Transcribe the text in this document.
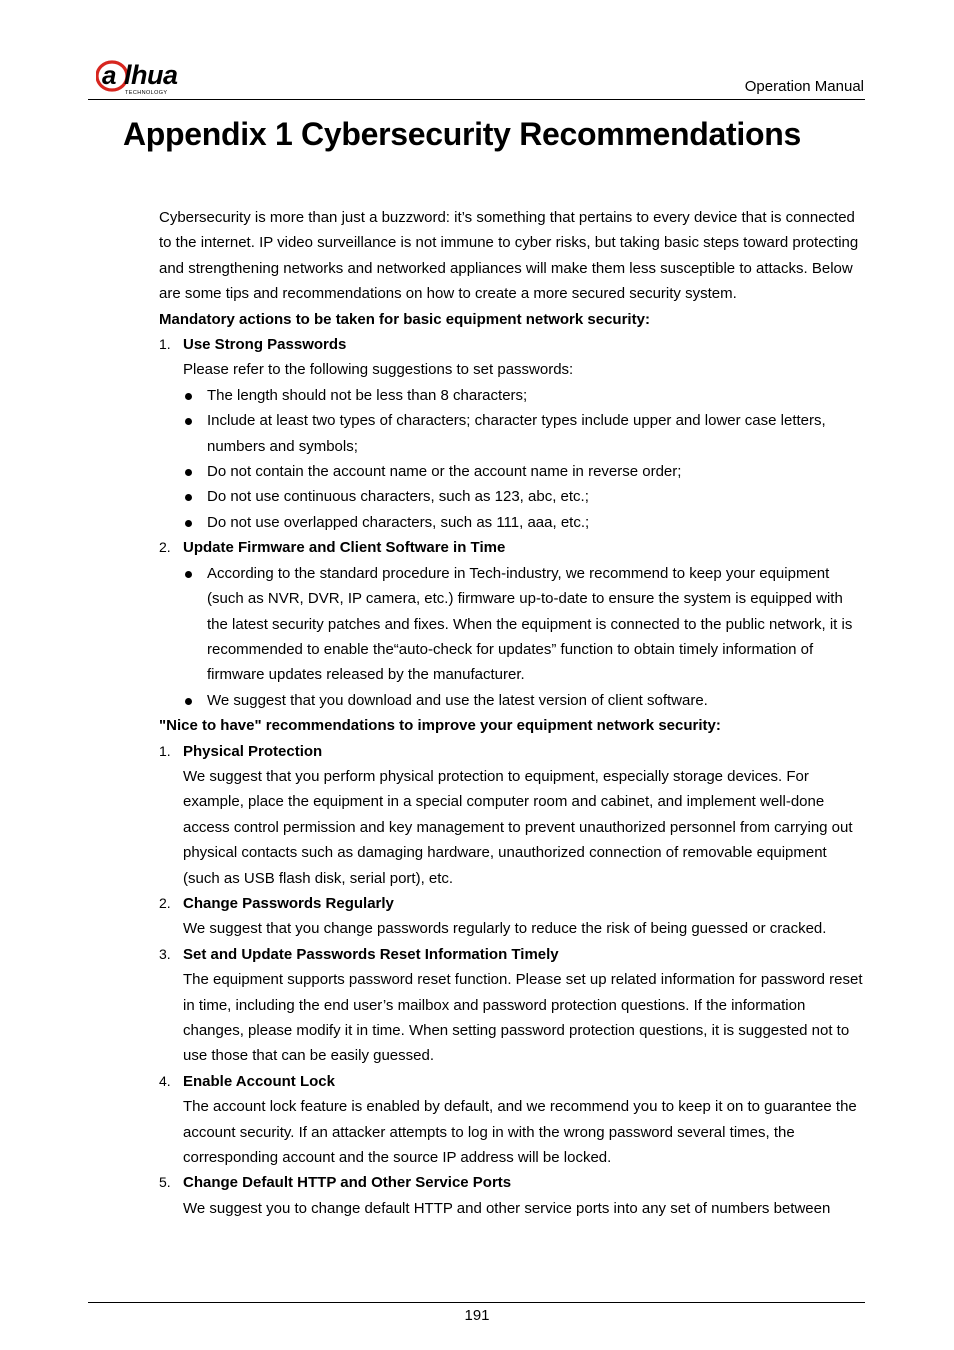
a lhua
TECHNOLOGY	Operation Manual
Appendix 1 Cybersecurity Recommendations

Cybersecurity is more than just a buzzword: it’s something that pertains to every device that is connected to the internet. IP video surveillance is not immune to cyber risks, but taking basic steps toward protecting and strengthening networks and networked appliances will make them less susceptible to attacks. Below are some tips and recommendations on how to create a more secured security system.

Mandatory actions to be taken for basic equipment network security:

1. Use Strong Passwords

Please refer to the following suggestions to set passwords:

The length should not be less than 8 characters;
Include at least two types of characters; character types include upper and lower case letters, numbers and symbols;
Do not contain the account name or the account name in reverse order;
Do not use continuous characters, such as 123, abc, etc.;
Do not use overlapped characters, such as 111, aaa, etc.;
2. Update Firmware and Client Software in Time
According to the standard procedure in Tech-industry, we recommend to keep your equipment (such as NVR, DVR, IP camera, etc.) firmware up-to-date to ensure the system is equipped with the latest security patches and fixes. When the equipment is connected to the public network, it is recommended to enable the“auto-check for updates” function to obtain timely information of firmware updates released by the manufacturer.
We suggest that you download and use the latest version of client software.

"Nice to have" recommendations to improve your equipment network security:

1. Physical Protection

We suggest that you perform physical protection to equipment, especially storage devices. For example, place the equipment in a special computer room and cabinet, and implement well-done access control permission and key management to prevent unauthorized personnel from carrying out physical contacts such as damaging hardware, unauthorized connection of removable equipment (such as USB flash disk, serial port), etc.

2. Change Passwords Regularly

We suggest that you change passwords regularly to reduce the risk of being guessed or cracked.

3. Set and Update Passwords Reset Information Timely

The equipment supports password reset function. Please set up related information for password reset in time, including the end user’s mailbox and password protection questions. If the information changes, please modify it in time. When setting password protection questions, it is suggested not to use those that can be easily guessed.

4. Enable Account Lock

The account lock feature is enabled by default, and we recommend you to keep it on to guarantee the account security. If an attacker attempts to log in with the wrong password several times, the corresponding account and the source IP address will be locked.

5. Change Default HTTP and Other Service Ports

We suggest you to change default HTTP and other service ports into any set of numbers between

191
